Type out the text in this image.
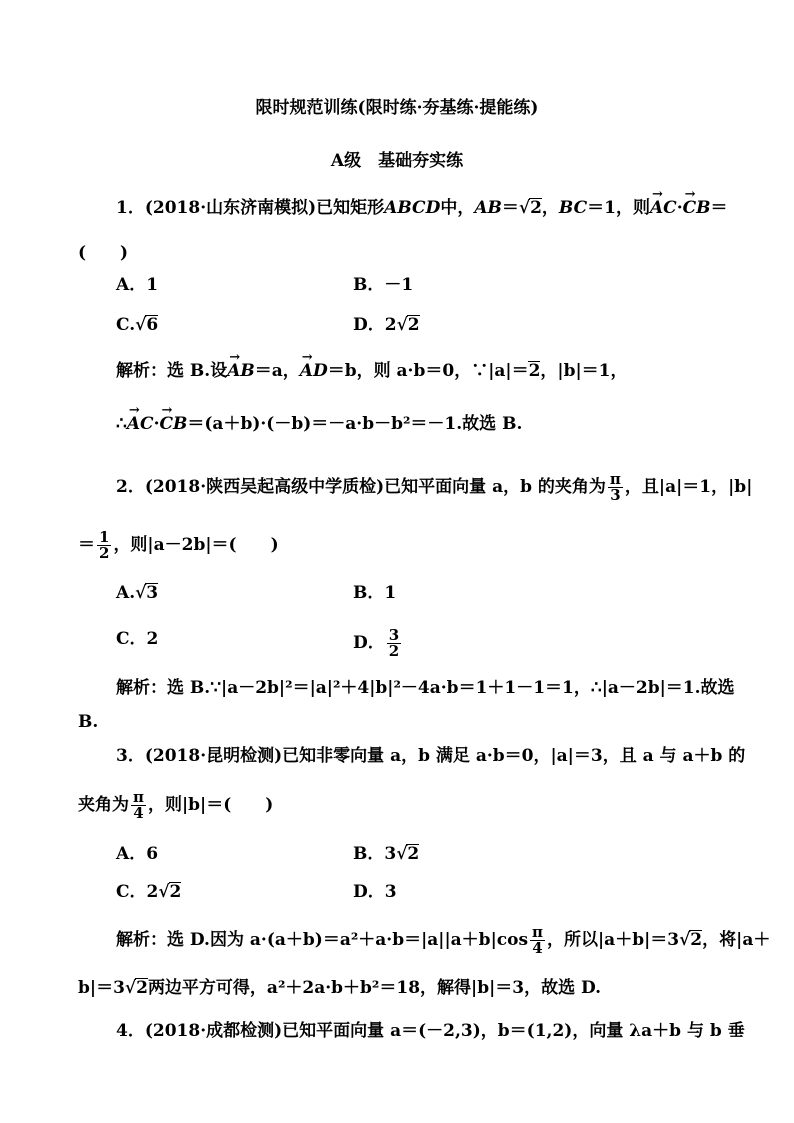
限时规范训练(限时练·夯基练·提能练)
A级　基础夯实练
1．(2018·山东济南模拟)已知矩形ABCD中，AB＝√2，BC＝1，则→ AC·→ CB＝
(　　)
A．1	B．－1
C.√6	D．2√2
解析：选 B.设→ AB＝a，→ AD＝b，则 a·b＝0，∵|a|＝2，|b|＝1，
∴→ AC·→ CB＝(a＋b)·(－b)＝－a·b－b²＝－1.故选 B.
2．(2018·陕西吴起高级中学质检)已知平面向量 a，b 的夹角为 $\frac{\pi}{3}$ ，且|a|＝1，|b|
＝ $\frac{1}{2}$ ，则|a－2b|＝(　　)
A.√3	B．1
C．2	D． $\frac{3}{2}$
解析：选 B.∵|a－2b|²＝|a|²＋4|b|²－4a·b＝1＋1－1＝1，∴|a－2b|＝1.故选
B.
3．(2018·昆明检测)已知非零向量 a，b 满足 a·b＝0，|a|＝3，且 a 与 a＋b 的
夹角为 $\frac{\pi}{4}$ ，则|b|＝(　　)
A．6	B．3√2
C．2√2	D．3
解析：选 D.因为 $a\cdot(a+b)=a^2+a\cdot b=|a||a+b|\cos \frac{\pi}{4}$ ，所以|a＋b|＝3√2，将|a＋
b|＝3√2两边平方可得，a²＋2a·b＋b²＝18，解得|b|＝3，故选 D.
4．(2018·成都检测)已知平面向量 a＝(－2,3)，b＝(1,2)，向量 λa＋b 与 b 垂
